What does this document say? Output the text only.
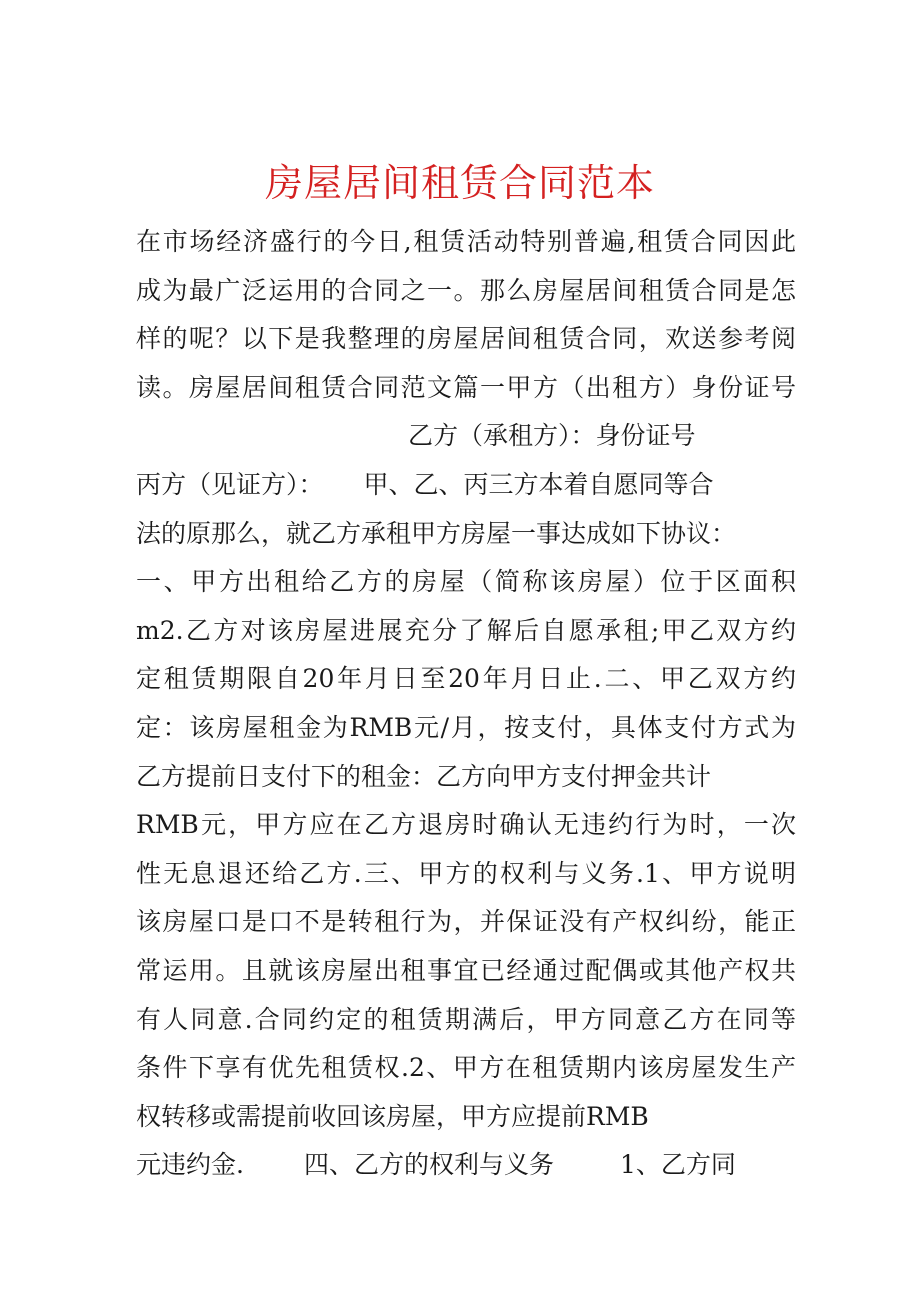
房屋居间租赁合同范本
在市场经济盛行的今日,租赁活动特别普遍,租赁合同因此
成为最广泛运用的合同之一。那么房屋居间租赁合同是怎
样的呢？以下是我整理的房屋居间租赁合同，欢送参考阅
读。房屋居间租赁合同范文篇一甲方（出租方）身份证号
乙方（承租方）：身份证号
丙方（见证方）： 甲、乙、丙三方本着自愿同等合
法的原那么，就乙方承租甲方房屋一事达成如下协议：
一、甲方出租给乙方的房屋（简称该房屋）位于区面积
m2.乙方对该房屋进展充分了解后自愿承租;甲乙双方约
定租赁期限自20年月日至20年月日止.二、甲乙双方约
定：该房屋租金为RMB元/月，按支付，具体支付方式为
乙方提前日支付下的租金：乙方向甲方支付押金共计
RMB元，甲方应在乙方退房时确认无违约行为时，一次
性无息退还给乙方.三、甲方的权利与义务.1、甲方说明
该房屋口是口不是转租行为，并保证没有产权纠纷，能正
常运用。且就该房屋出租事宜已经通过配偶或其他产权共
有人同意.合同约定的租赁期满后，甲方同意乙方在同等
条件下享有优先租赁权.2、甲方在租赁期内该房屋发生产
权转移或需提前收回该房屋，甲方应提前RMB
元违约金. 四、乙方的权利与义务	1、乙方同
